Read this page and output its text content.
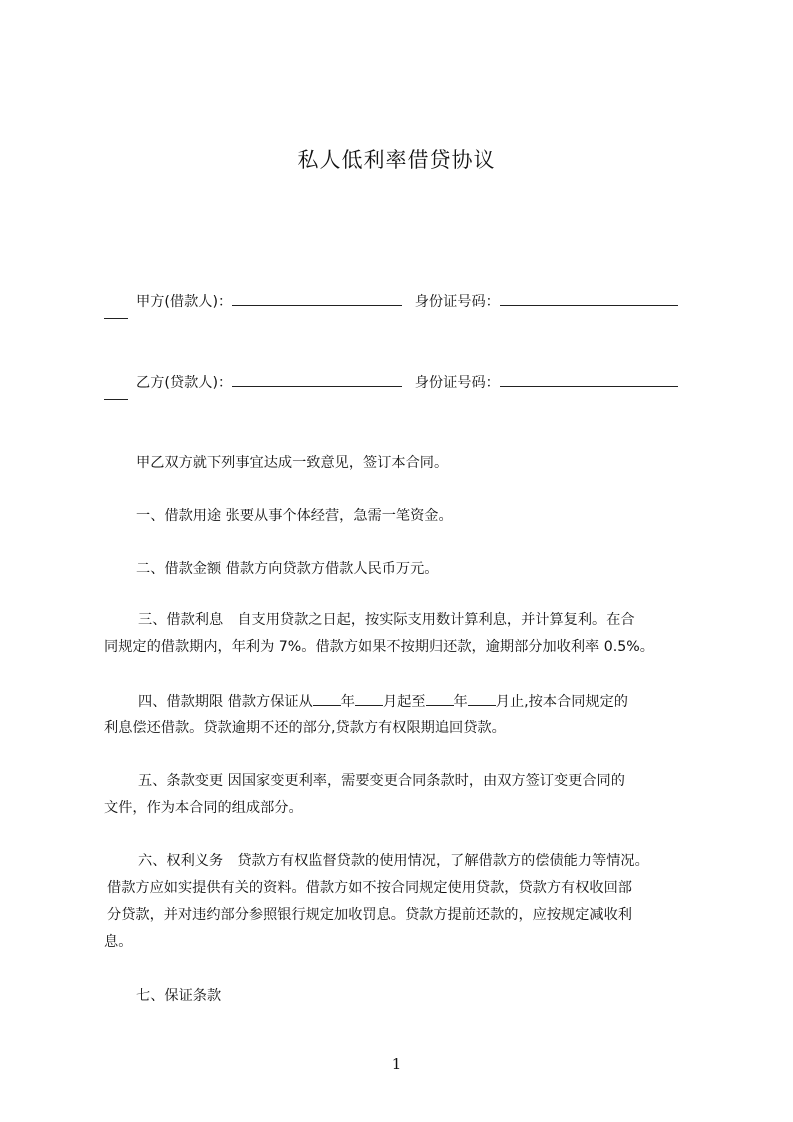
私人低利率借贷协议
甲方(借款人)：	身份证号码：
乙方(贷款人)：	身份证号码：
甲乙双方就下列事宜达成一致意见，签订本合同。
一、借款用途 张要从事个体经营，急需一笔资金。
二、借款金额 借款方向贷款方借款人民币万元。
三、借款利息　自支用贷款之日起，按实际支用数计算利息，并计算复利。在合
同规定的借款期内，年利为 7%。借款方如果不按期归还款，逾期部分加收利率 0.5%。
四、借款期限 借款方保证从 年 月起至 年 月止,按本合同规定的
利息偿还借款。贷款逾期不还的部分,贷款方有权限期追回贷款。
五、条款变更 因国家变更利率，需要变更合同条款时，由双方签订变更合同的
文件，作为本合同的组成部分。
六、权利义务　贷款方有权监督贷款的使用情况，了解借款方的偿债能力等情况。
借款方应如实提供有关的资料。借款方如不按合同规定使用贷款，贷款方有权收回部
分贷款，并对违约部分参照银行规定加收罚息。贷款方提前还款的，应按规定减收利
息。
七、保证条款
1
